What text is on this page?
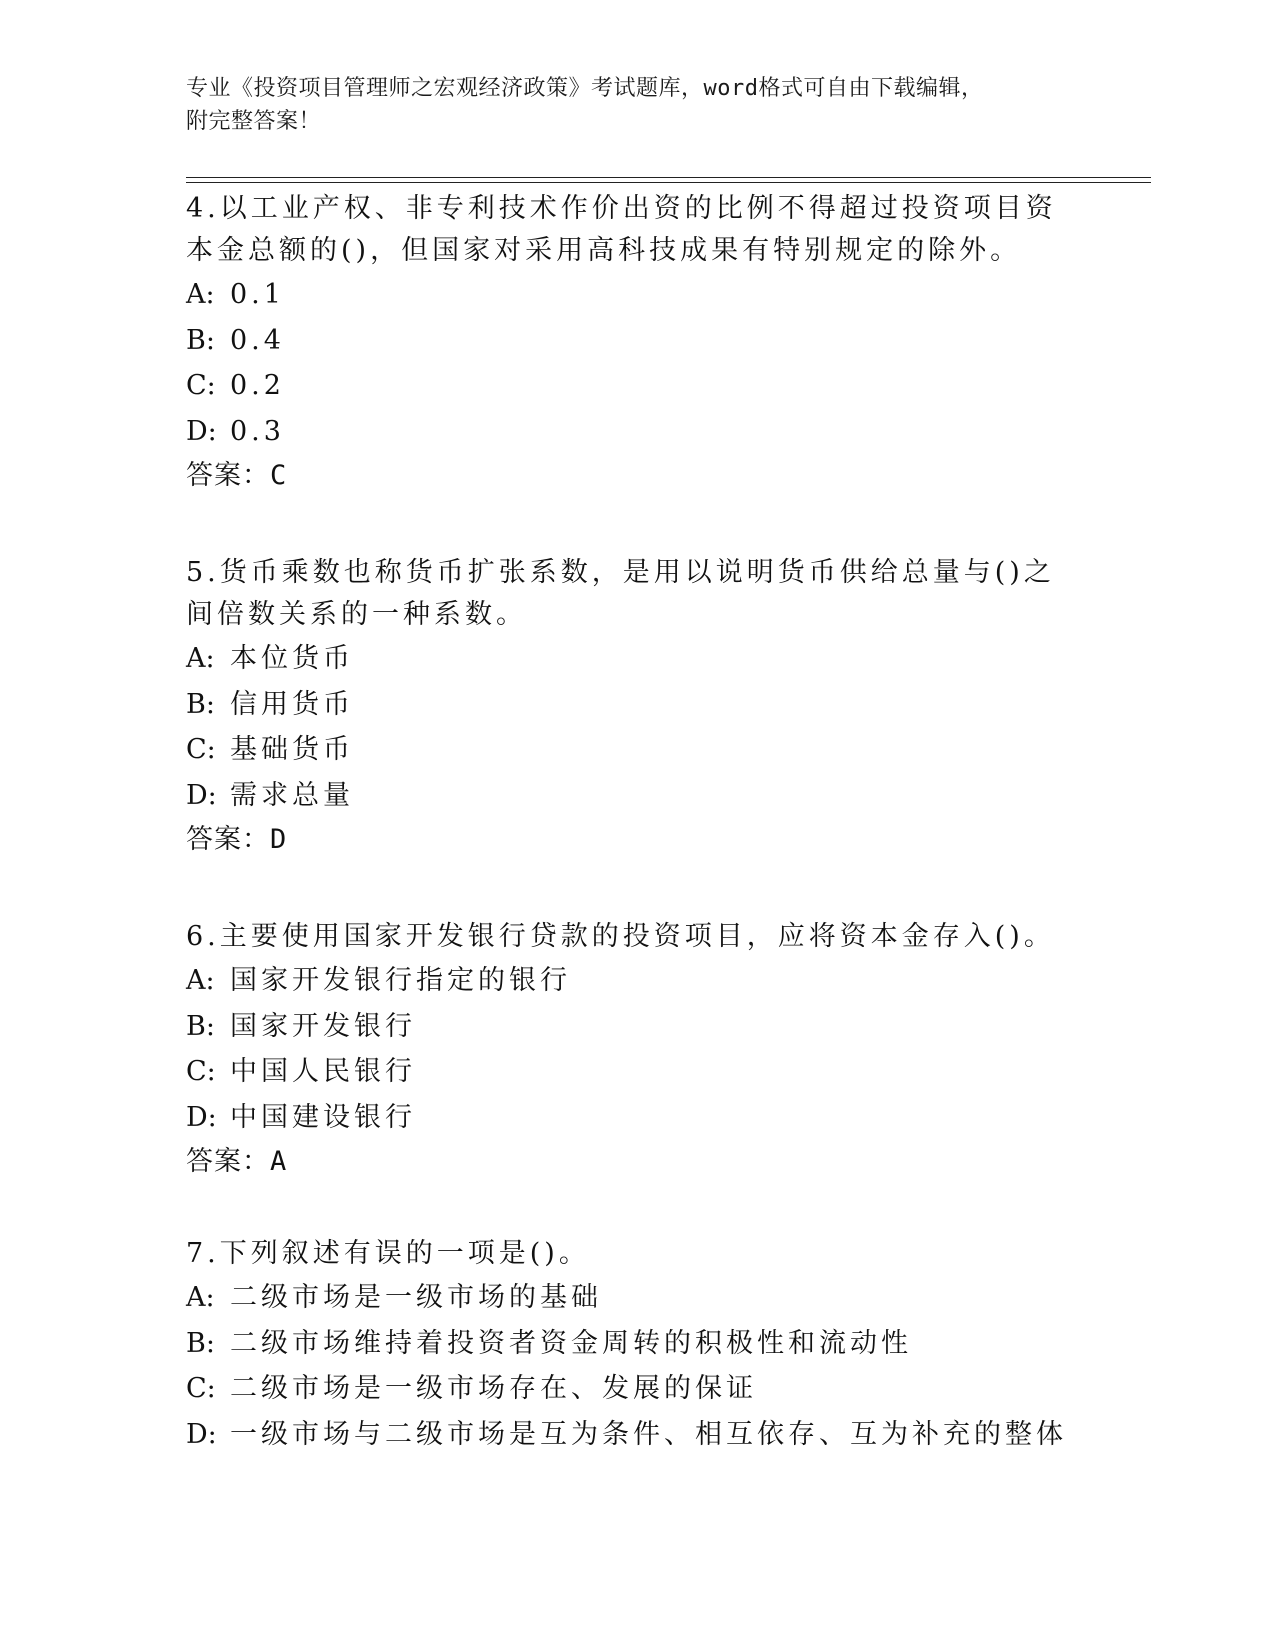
专业《投资项目管理师之宏观经济政策》考试题库，word格式可自由下载编辑，
附完整答案！

4.以工业产权、非专利技术作价出资的比例不得超过投资项目资本金总额的()，但国家对采用高科技成果有特别规定的除外。

A: 0.1

B: 0.4

C: 0.2

D: 0.3

答案：C

5.货币乘数也称货币扩张系数，是用以说明货币供给总量与()之间倍数关系的一种系数。

A: 本位货币

B: 信用货币

C: 基础货币

D: 需求总量

答案：D

6.主要使用国家开发银行贷款的投资项目，应将资本金存入()。

A: 国家开发银行指定的银行

B: 国家开发银行

C: 中国人民银行

D: 中国建设银行

答案：A

7.下列叙述有误的一项是()。

A: 二级市场是一级市场的基础

B: 二级市场维持着投资者资金周转的积极性和流动性

C: 二级市场是一级市场存在、发展的保证

D: 一级市场与二级市场是互为条件、相互依存、互为补充的整体
